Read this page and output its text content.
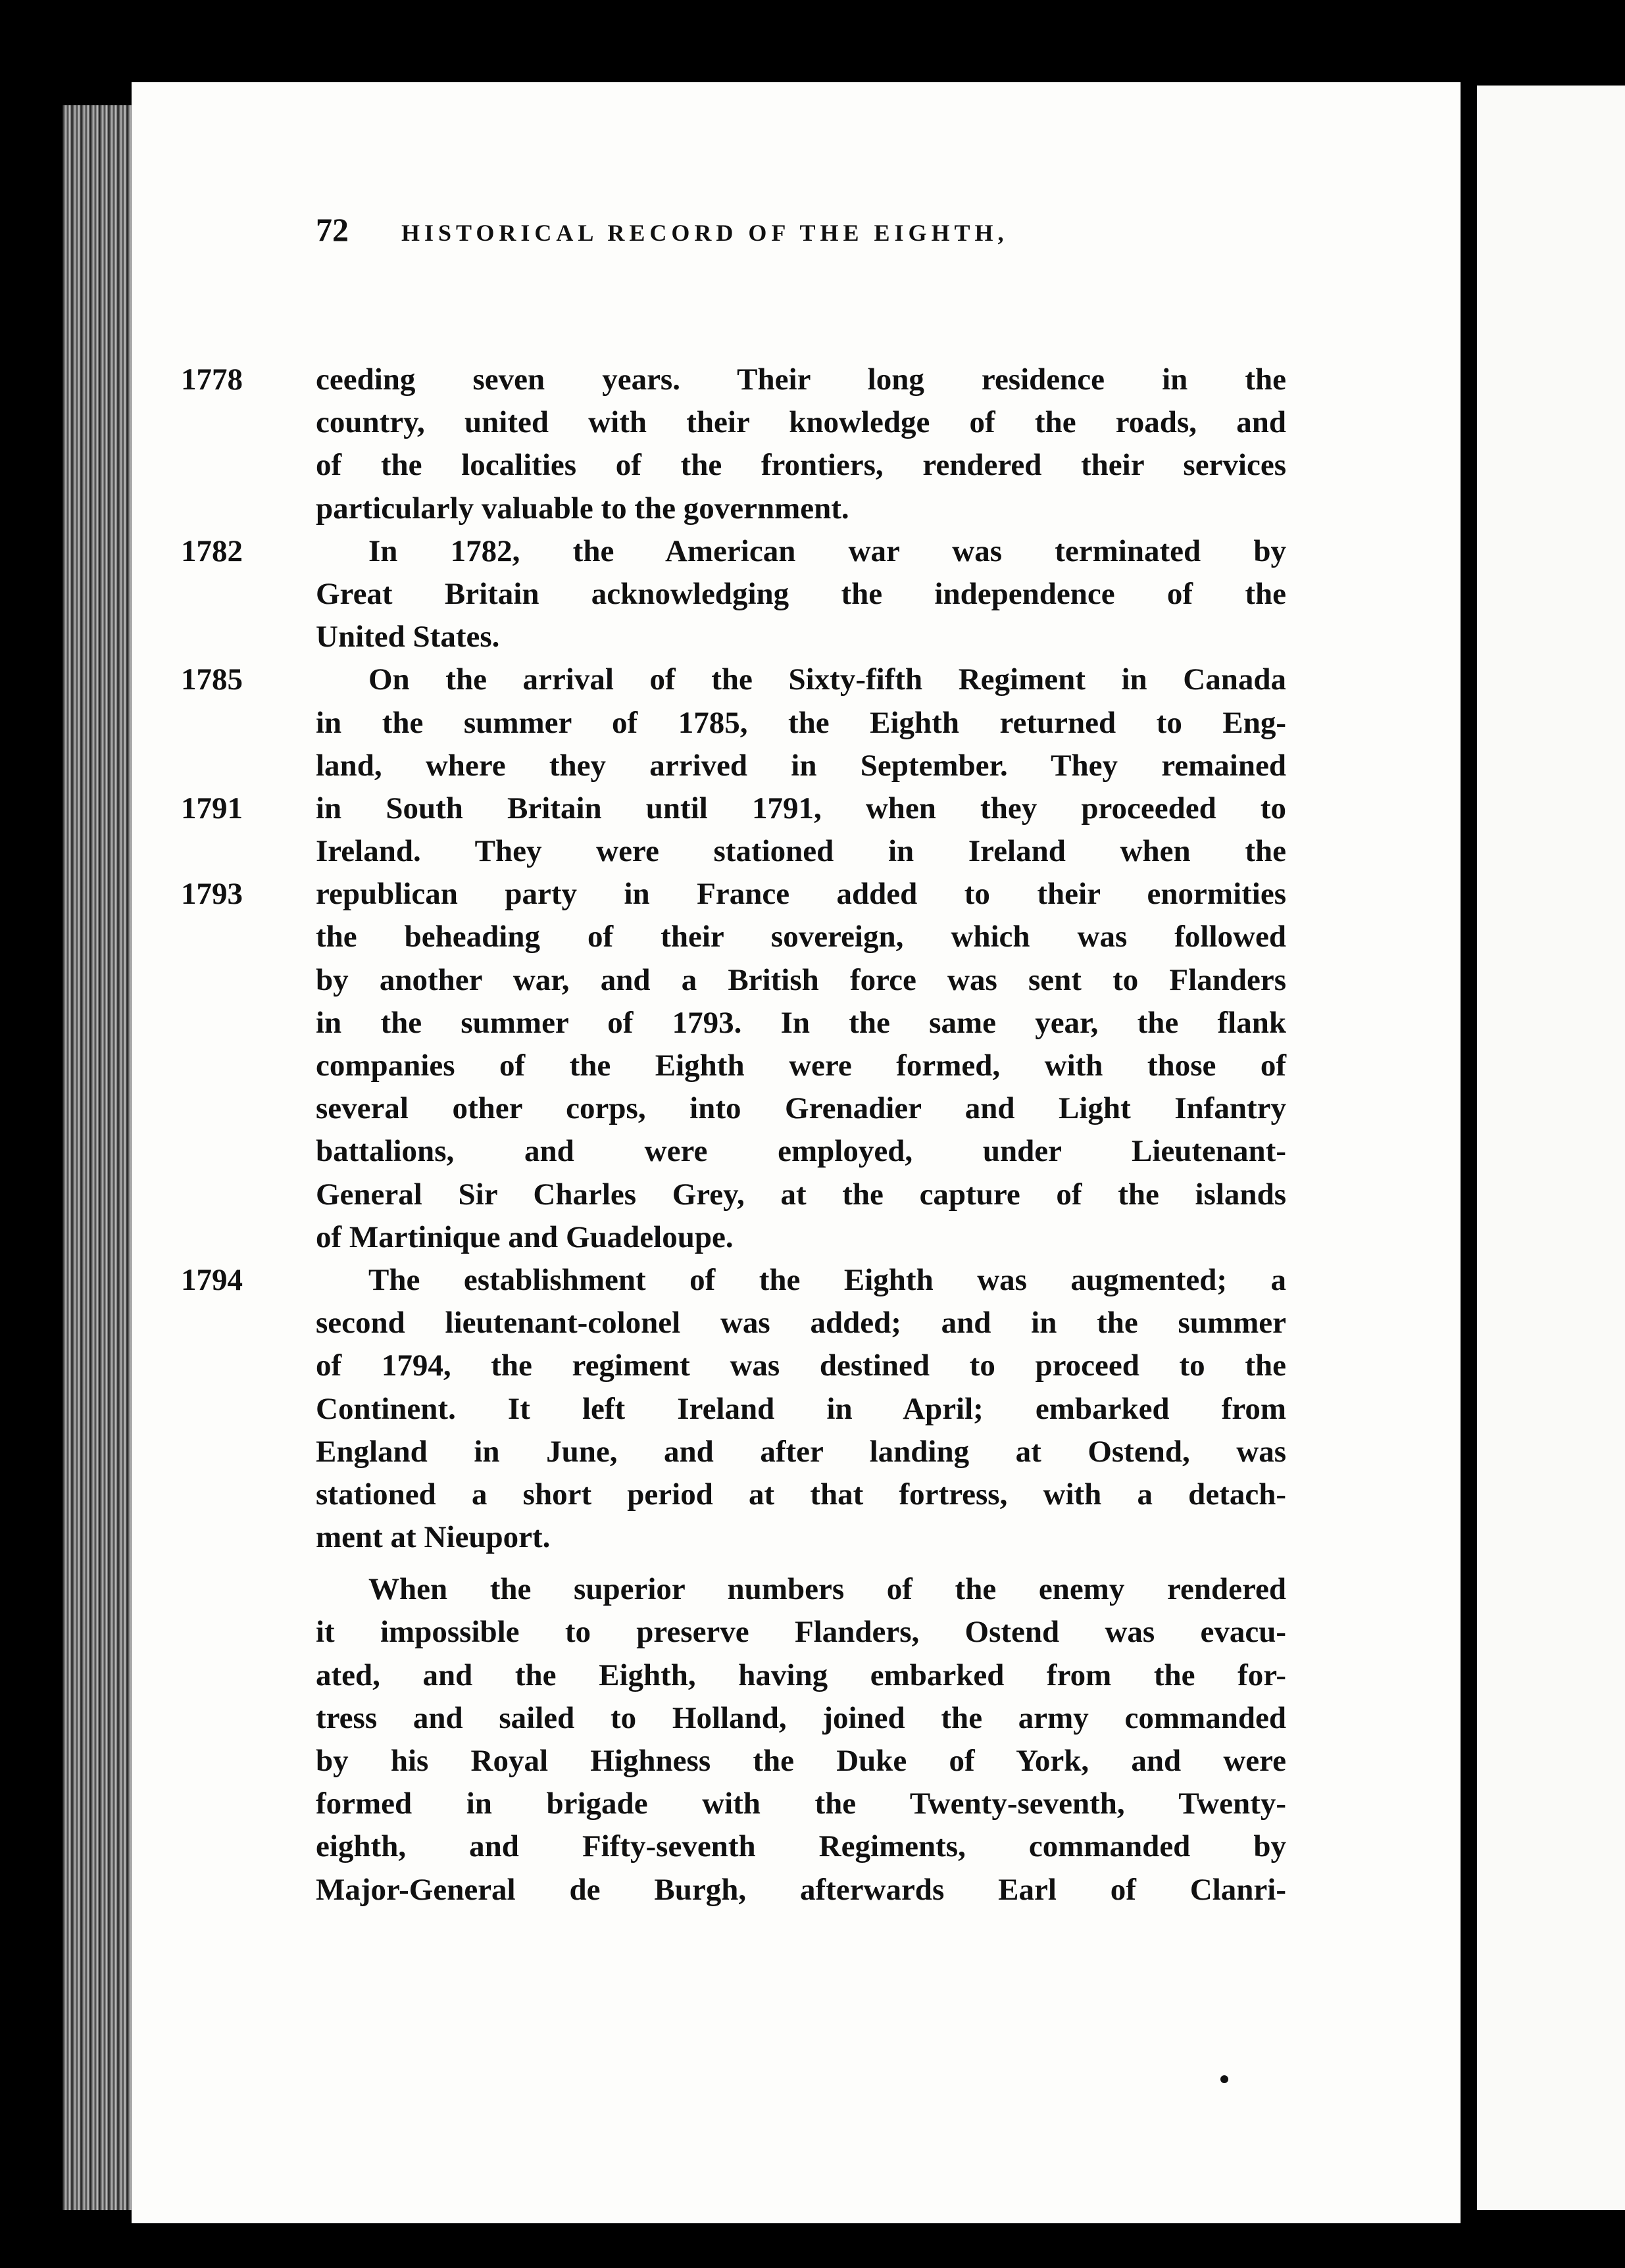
72	HISTORICAL RECORD OF THE EIGHTH,
1778 ceeding seven years. Their long residence in the
country, united with their knowledge of the roads, and
of the localities of the frontiers, rendered their services
particularly valuable to the government.
1782	In 1782, the American war was terminated by
Great Britain acknowledging the independence of the
United States.
1785	On the arrival of the Sixty-fifth Regiment in Canada
in the summer of 1785, the Eighth returned to Eng-
land, where they arrived in September. They remained
1791 in South Britain until 1791, when they proceeded to
Ireland. They were stationed in Ireland when the
1793 republican party in France added to their enormities
the beheading of their sovereign, which was followed
by another war, and a British force was sent to Flanders
in the summer of 1793. In the same year, the flank
companies of the Eighth were formed, with those of
several other corps, into Grenadier and Light Infantry
battalions, and were employed, under Lieutenant-
General Sir Charles Grey, at the capture of the islands
of Martinique and Guadeloupe.
1794	The establishment of the Eighth was augmented; a
second lieutenant-colonel was added; and in the summer
of 1794, the regiment was destined to proceed to the
Continent. It left Ireland in April; embarked from
England in June, and after landing at Ostend, was
stationed a short period at that fortress, with a detach-
ment at Nieuport.
When the superior numbers of the enemy rendered
it impossible to preserve Flanders, Ostend was evacu-
ated, and the Eighth, having embarked from the for-
tress and sailed to Holland, joined the army commanded
by his Royal Highness the Duke of York, and were
formed in brigade with the Twenty-seventh, Twenty-
eighth, and Fifty-seventh Regiments, commanded by
Major-General de Burgh, afterwards Earl of Clanri-
